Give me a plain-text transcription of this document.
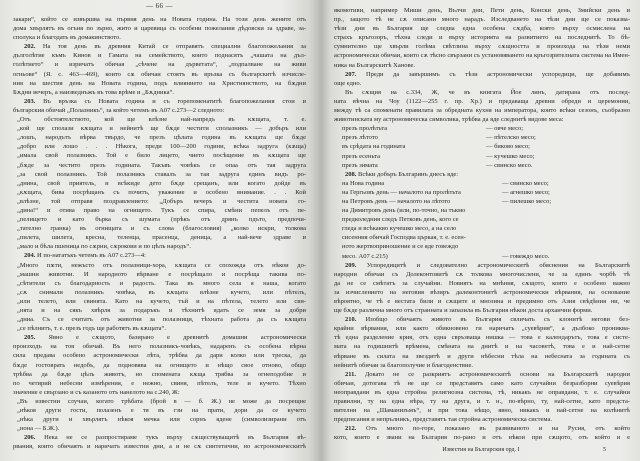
— 66 —
закари“, който се извършва на първия день на Новата година. На този день жените отъ
дома хвърлятъ въ огъня по зърно, жито и царевица съ особени пожелания дѣдовски за здраве, за-
сполука и благодать въ домакинството.
202. На тоя день въ древния Китай се отправятъ специални благопожелания за
дълголѣтие къмъ Кинов и Гамата на семейството, които поднасятъ „чашата на дъл-
голѣтието“ и изричатъ обичая „сѣчене на дърветата“, „подпалване на живи
огньове“ (Я. с. 463—469), които сѫ обичаи стоятъ въ връзка съ българскитѣ изчисле-
ния на шестия день на Новата година, подъ влиянието на Християнството, на бѫдни
Бѫдни вечеръ, а наизведнъжъ въ това врѣме и „Бѫдника“.
203. Въ връзка съ Новата година и съ горепоменатитѣ благопожелания стои и
българския обичай „Полазникъ“, за който четемъ въ А07 с.273—2 следното:
„Отъ обстоятелството, кой ще влѣзне най-напредъ въ кѫщата, т. е.
„кой ще сполази кѫщата и нейнитѣ ще бѫде честити сполазникъ — добъръ или
„лошъ, народътъ вѣрва твърдо, че презъ цѣлата година въ кѫщата ще бѫде
„добро или лошо . . . Нѣкога, преди 100—200 години, всѣка задруга (кѫща)
„имала свой полазникъ. Той е било лицето, чието посѣщение въ кѫщата ще
„бѫде за честито презъ годината. Такъвъ човѣкъ се опаа отъ тая задруга
„за свой полазникъ. Той полазникъ ставалъ за тая задруга единъ видъ ро-
„днина, свой приятель, и всѣкиде дето бѫде срещанъ, или когато дойде въ
„кѫщата, бива посрѣщанъ съ почитъ, уважение и особено внимание. . . Кой
„влѣзне, той отправя поздравлението: „Добъръ вечеръ и честита новата го-
„дина!“ и отива право на огнището. Тукъ се спира, смѣни пепелъ отъ пе-
„пелището и като бърка съ шумата (прѣкъ отъ дрянъ пдъто, предпочи-
„тателно гранка) въ огнищата и съ слова (благословия) „колко искри, толкова
„пилета, шилета, кресна, теленца, прасенца, деница, а най-вече здраве и
„мало и бѣла пшеница по сѫрни, сѫрокови и по цѣлъ народъ“.
204. И по-нататъкъ четемъ въ А07 с.273—4:
„Много пѫти, нежъсто отъ полазници-хора, кѫщата се спохожда отъ нѣкои до-
„машни животни. И народното вѣрване е посрѣщало и посрѣща такива по-
„сѣтители съ благодарность и радость. Така въ много села я наша, когато
„сѫ снимали полазникъ човѣка, въ кѫщата влѣзне кучето, или пѣтелъ,
„или телето, или свинята. Като на кучето, тъй и на пѣтела, телето или сви-
„нята и на сякъ хвѣрля за подаръкъ и тѣхнитѣ ядатъ се земя за добри
„дниа. Съ се считатъ отъ животни за полазници, тѣхната работа да съ кѫщата
„се пѣлнитъ, т. е. презъ годъ ще работятъ въ кѫщата“.
205. Явно е сѫщото, базирано е древнитѣ домашни астрономически
произходъ на тоя обичай. Въ него полазникъ-човѣкъ, надаренъ съ особена вѣрна
сила предава особено астрономически лѣта, трѣбва да дари колко или треска, да
бѫде гостоврать недобъ, да подновява на огнището и нѣщо свое отново, общо
трѣбва да бѫде цѣлъ животъ, но спомената кѫща трябва за огнеподобие и
по четирий небесни измѣрения, е нежно, свиня, пѣтелъ, теле и кучето. Тѣхно
значение е свързано и съ казаното отъ нанелото на с.240, Ж:
„Въ известни случаи, когато трѣбата (брой в — б. Ж.) не може да посрещне
„нѣкоя други гости, полазенъ е тя въ гзи на прати, дори да се кучето
„нѣка други и хвърлятъ нѣкоя мечка или сорнъ ядене (символизирани отъ
„нона — Б.Ж.).
206. Нека не се разпростираме тукъ върху сѫществуващитѣ въ България вѣ-
рвания, които обичаятъ и наричатъ известни дни, а и не сѫ синтетични, но астрономическитѣ
якомотиви, например Миши день, Вълчи дни, Пети день, Конски день, Змийски день и
пр., защото тѣ не сѫ описани много нарадъ. Изследването на тѣзи дни ще се показва-
тѣзи дни въ България ще следва една особена сѫдба, която върху осмислена на
страхъ кръгозоръ, тѣхна следи и върху историята на развитието на последнитѣ. То бѣ-
сумнително ще хвърли голѣма свѣтлина върху сѫщността и произхода на тѣзи неми
астрономически обичаи, които сѫ тѣсно свързани съ установяването на кръгозрителната система на Имен-
ника на Българскитѣ Ханове.
207. Преди да завършимъ съ тѣзи астрономически успоредици, ще добавимъ
още едно.
Въ сѫщия на с.334, Ж, че въ книгата Йое линъ, датирана отъ послед-
ната вѣчна на Чоу (1122—255 г. пр. Хр.) и предаваща древни обреди и церемонии,
между тѣ са споменати правилата за обредната кухня на императора, които всѣки сезонъ, съобразно
животинската му астрономическа символика, трѣбва да яде следнитѣ видове меса:
презъ пролѣтьта	— овче месо;
презъ лѣтото	— пѣтелско месо;
въ срѣдата на годината	— биково месо;
презъ есеньта	— кучешко месо;
презъ зимата	— свинско месо.
208. Всѣки добъръ Българинъ днесъ яде:
на Нова година	— свинско месо;
на Гергьовъ день — началото на пролѣтьта	— агнешко месо;
на Петровъ день — началото на лѣтото	— пилешко месо;
на Димитровъ день (или, по-точно, на тъкмо
предколедния следъ Петковъ день, кого се
гледа и всѣкакво кучешко месо, а на село
сисенния обичай Господва църкая, т. е. есен-
ното жертвоприношение и се яде говеждо
месо. А07 с.215)	— говеждо месо.
209. Успоредицитѣ и следователно астрономическитѣ обяснения на Българскитѣ
народни обичаи съ Долеконтовитѣ сѫ толкова многочислени, че за единъ чорбѣ тѣ
да не се смѣтатъ за случайни. Новиятъ на мнѣния, сѫщото, която е особено важно
за изчислението на неговия вѣзиръ далеконтонитѣ астрономически вѣрвания, на основание
вѣроятно, че тѣ е вестата били и сѫщите и мнозина и предимно отъ Азия свѣдѣния ни, че
ще бѫде различна много отъ странната и запазила въ България нѣкои доста архаични форми.
210. Изобщо обичаятъ живото въ България свличать съ клонитѣ негови без-
крайни вѣрвания, или както обикновено ги наричатъ „суевѣрия“, а дълбоко прониква-
тѣ една разделение крия, отъ една свръзваща нишка — това е календарътъ, това е систе-
мата на годишнитѣ врѣмена, смѣната на днитѣ и на часоветѣ, това е и най-сетне
вѣрване въ силата на звездитѣ и други нѣбесни тѣла на небесната за годината съ
нейнитѣ обичаи за благополучие и благоденствие.
211. Докато не се разкриятъ астрономическитѣ основи на Българскитѣ народни
обичаи, дотогава тѣ не ще се представятъ само като случайни безразборни суевѣрия
неоправдани въ една стройна религиозна система, тѣ, никакъ не оправдани, т. е. случайни
правилни, ту на една вѣра, ту на друга, и т. н., по-вѣрно, ту, най-сетне, като предста-
вителни на „Шаманизъмъ“, и при това нѣщо, явно, никакъ и най-сетне на колѣнитѣ
предписания и непрълникъ, представятъ тая стройна астрономическа система.
212. Отъ много по-горе, показано въ развиваното и на Русия, отъ който
кото, които е звани на България по-рано и отъ нѣкои при сѫщото, отъ който и е
Известия на Българския орд. I	5
